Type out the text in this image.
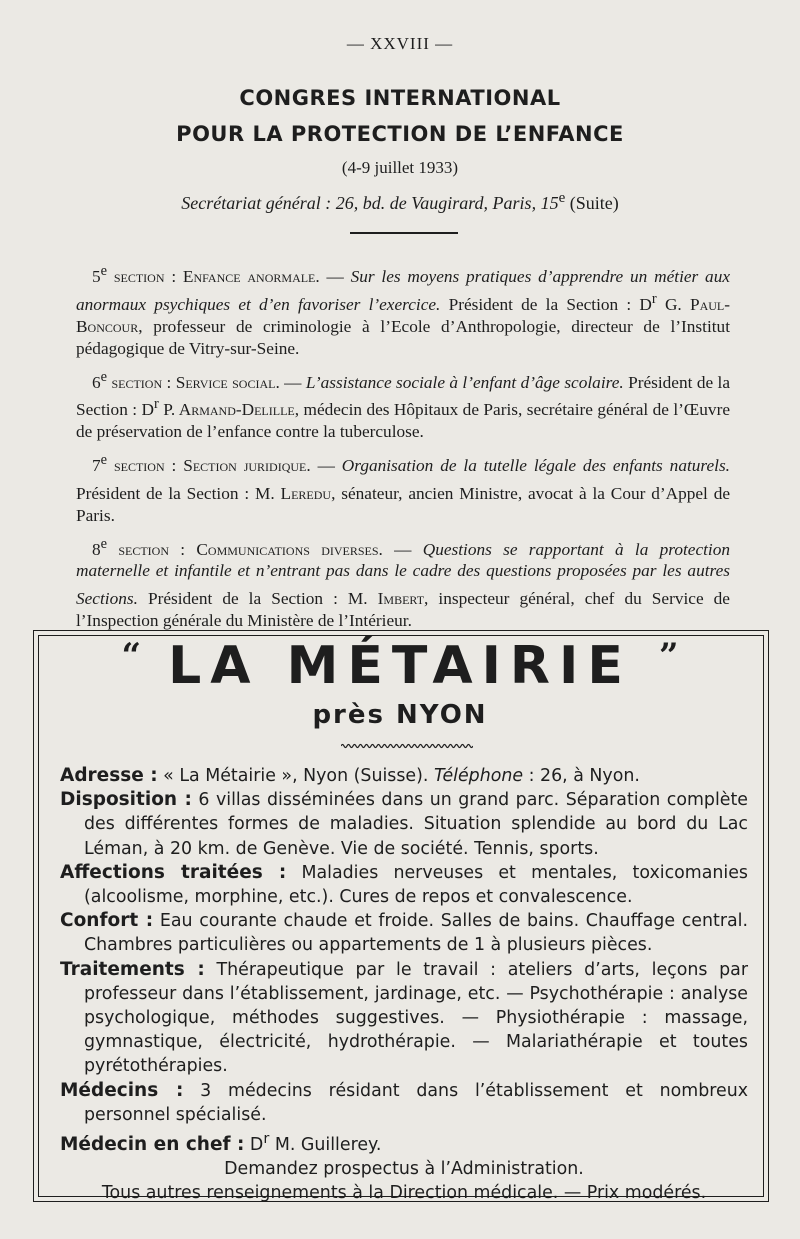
— XXVIII —
CONGRES INTERNATIONAL
POUR LA PROTECTION DE L’ENFANCE
(4-9 juillet 1933)
Secrétariat général : 26, bd. de Vaugirard, Paris, 15e (Suite)

5e section : Enfance anormale. — Sur les moyens pratiques d’apprendre un métier aux anormaux psychiques et d’en favoriser l’exercice. Président de la Section : $D^r$ G. Paul-Boncour, professeur de criminologie à l’Ecole d’Anthropologie, directeur de l’Institut pédagogique de Vitry-sur-Seine.

6e section : Service social. — L’assistance sociale à l’enfant d’âge scolaire. Président de la Section : $D^r$ P. Armand-Delille, médecin des Hôpitaux de Paris, secrétaire général de l’Œuvre de préservation de l’enfance contre la tuberculose.

7e section : Section juridique. — Organisation de la tutelle légale des enfants naturels. Président de la Section : M. Leredu, sénateur, ancien Ministre, avocat à la Cour d’Appel de Paris.

8e section : Communications diverses. — Questions se rapportant à la protection maternelle et infantile et n’entrant pas dans le cadre des questions proposées par les autres Sections. Président de la Section : M. Imbert, inspecteur général, chef du Service de l’Inspection générale du Ministère de l’Intérieur.

“ LA MÉTAIRIE ”
près NYON

Adresse : « La Métairie », Nyon (Suisse). Téléphone : 26, à Nyon.

Disposition : 6 villas disséminées dans un grand parc. Séparation complète des différentes formes de maladies. Situation splendide au bord du Lac Léman, à 20 km. de Genève. Vie de société. Tennis, sports.

Affections traitées : Maladies nerveuses et mentales, toxicomanies (alcoolisme, morphine, etc.). Cures de repos et convalescence.

Confort : Eau courante chaude et froide. Salles de bains. Chauffage central. Chambres particulières ou appartements de 1 à plusieurs pièces.

Traitements : Thérapeutique par le travail : ateliers d’arts, leçons par professeur dans l’établissement, jardinage, etc. — Psychothérapie : analyse psychologique, méthodes suggestives. — Physiothérapie : massage, gymnastique, électricité, hydrothérapie. — Malariathérapie et toutes pyrétothérapies.

Médecins : 3 médecins résidant dans l’établissement et nombreux personnel spécialisé.

Médecin en chef : $D^r$ M. Guillerey.

Demandez prospectus à l’Administration.

Tous autres renseignements à la Direction médicale. — Prix modérés.
